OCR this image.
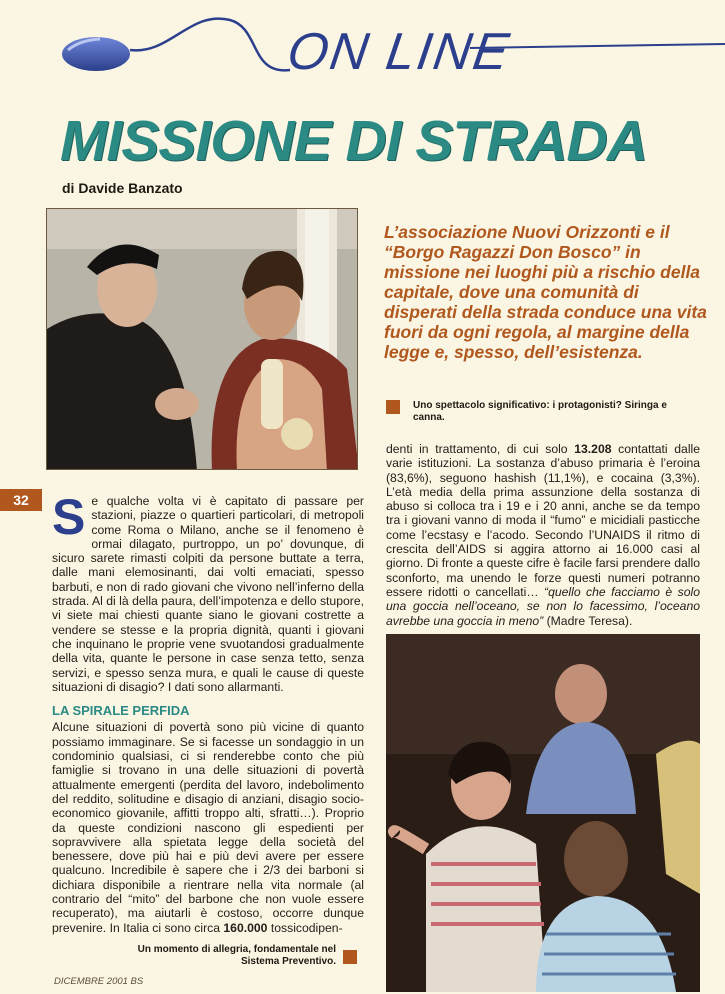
ON LINE
MISSIONE DI STRADA
di Davide Banzato
L’associazione Nuovi Orizzonti e il “Borgo Ragazzi Don Bosco” in missione nei luoghi più a rischio della capitale, dove una comunità di disperati della strada conduce una vita fuori da ogni regola, al margine della legge e, spesso, dell’esistenza.
Uno spettacolo significativo: i protagonisti? Siringa e canna.
32 Se qualche volta vi è capitato di passare per stazioni, piazze o quartieri particolari, di metropoli come Roma o Milano, anche se il fenomeno è ormai dilagato, purtroppo, un po’ dovunque, di sicuro sarete rimasti colpiti da persone buttate a terra, dalle mani elemosinanti, dai volti emaciati, spesso barbuti, e non di rado giovani che vivono nell’inferno della strada. Al di là della paura, dell’impotenza e dello stupore, vi siete mai chiesti quante siano le giovani costrette a vendere se stesse e la propria dignità, quanti i giovani che inquinano le proprie vene svuotandosi gradualmente della vita, quante le persone in case senza tetto, senza servizi, e spesso senza mura, e quali le cause di queste situazioni di disagio? I dati sono allarmanti.
LA SPIRALE PERFIDA
Alcune situazioni di povertà sono più vicine di quanto possiamo immaginare. Se si facesse un sondaggio in un condominio qualsiasi, ci si renderebbe conto che più famiglie si trovano in una delle situazioni di povertà attualmente emergenti (perdita del lavoro, indebolimento del reddito, solitudine e disagio di anziani, disagio socio-economico giovanile, affitti troppo alti, sfratti…). Proprio da queste condizioni nascono gli espedienti per sopravvivere alla spietata legge della società del benessere, dove più hai e più devi avere per essere qualcuno. Incredibile è sapere che i 2/3 dei barboni si dichiara disponibile a rientrare nella vita normale (al contrario del “mito” del barbone che non vuole essere recuperato), ma aiutarli è costoso, occorre dunque prevenire. In Italia ci sono circa 160.000 tossicodipen-
denti in trattamento, di cui solo 13.208 contattati dalle varie istituzioni. La sostanza d’abuso primaria è l’eroina (83,6%), seguono hashish (11,1%), e cocaina (3,3%). L’età media della prima assunzione della sostanza di abuso si colloca tra i 19 e i 20 anni, anche se da tempo tra i giovani vanno di moda il “fumo” e micidiali pasticche come l’ecstasy e l’acodo. Secondo l’UNAIDS il ritmo di crescita dell’AIDS si aggira attorno ai 16.000 casi al giorno. Di fronte a queste cifre è facile farsi prendere dallo sconforto, ma unendo le forze questi numeri potranno essere ridotti o cancellati… “quello che facciamo è solo una goccia nell’oceano, se non lo facessimo, l’oceano avrebbe una goccia in meno” (Madre Teresa).
Un momento di allegria, fondamentale nel Sistema Preventivo.
DICEMBRE 2001 BS
